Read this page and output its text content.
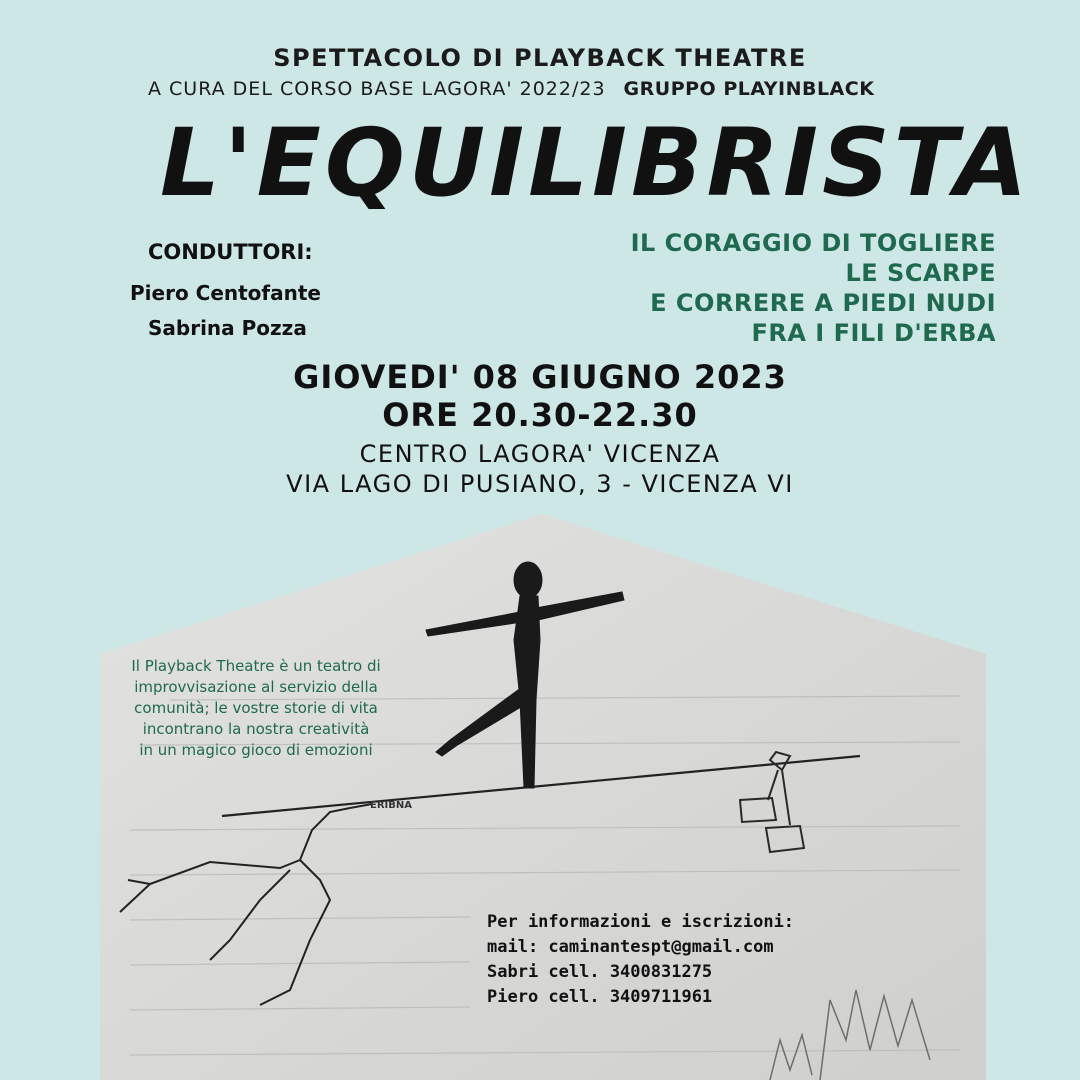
ERIBNA
SPETTACOLO DI PLAYBACK THEATRE
A CURA DEL CORSO BASE LAGORA' 2022/23 GRUPPO PLAYINBLACK
L'EQUILIBRISTA
CONDUTTORI:
Piero Centofante
Sabrina Pozza
IL CORAGGIO DI TOGLIERE
LE SCARPE
E CORRERE A PIEDI NUDI
FRA I FILI D'ERBA
GIOVEDI' 08 GIUGNO 2023
ORE 20.30-22.30
CENTRO LAGORA' VICENZA
VIA LAGO DI PUSIANO, 3 - VICENZA VI
Il Playback Theatre è un teatro di
improvvisazione al servizio della
comunità; le vostre storie di vita
incontrano la nostra creatività
in un magico gioco di emozioni
Per informazioni e iscrizioni:
mail: caminantespt@gmail.com
Sabri cell. 3400831275
Piero cell. 3409711961
